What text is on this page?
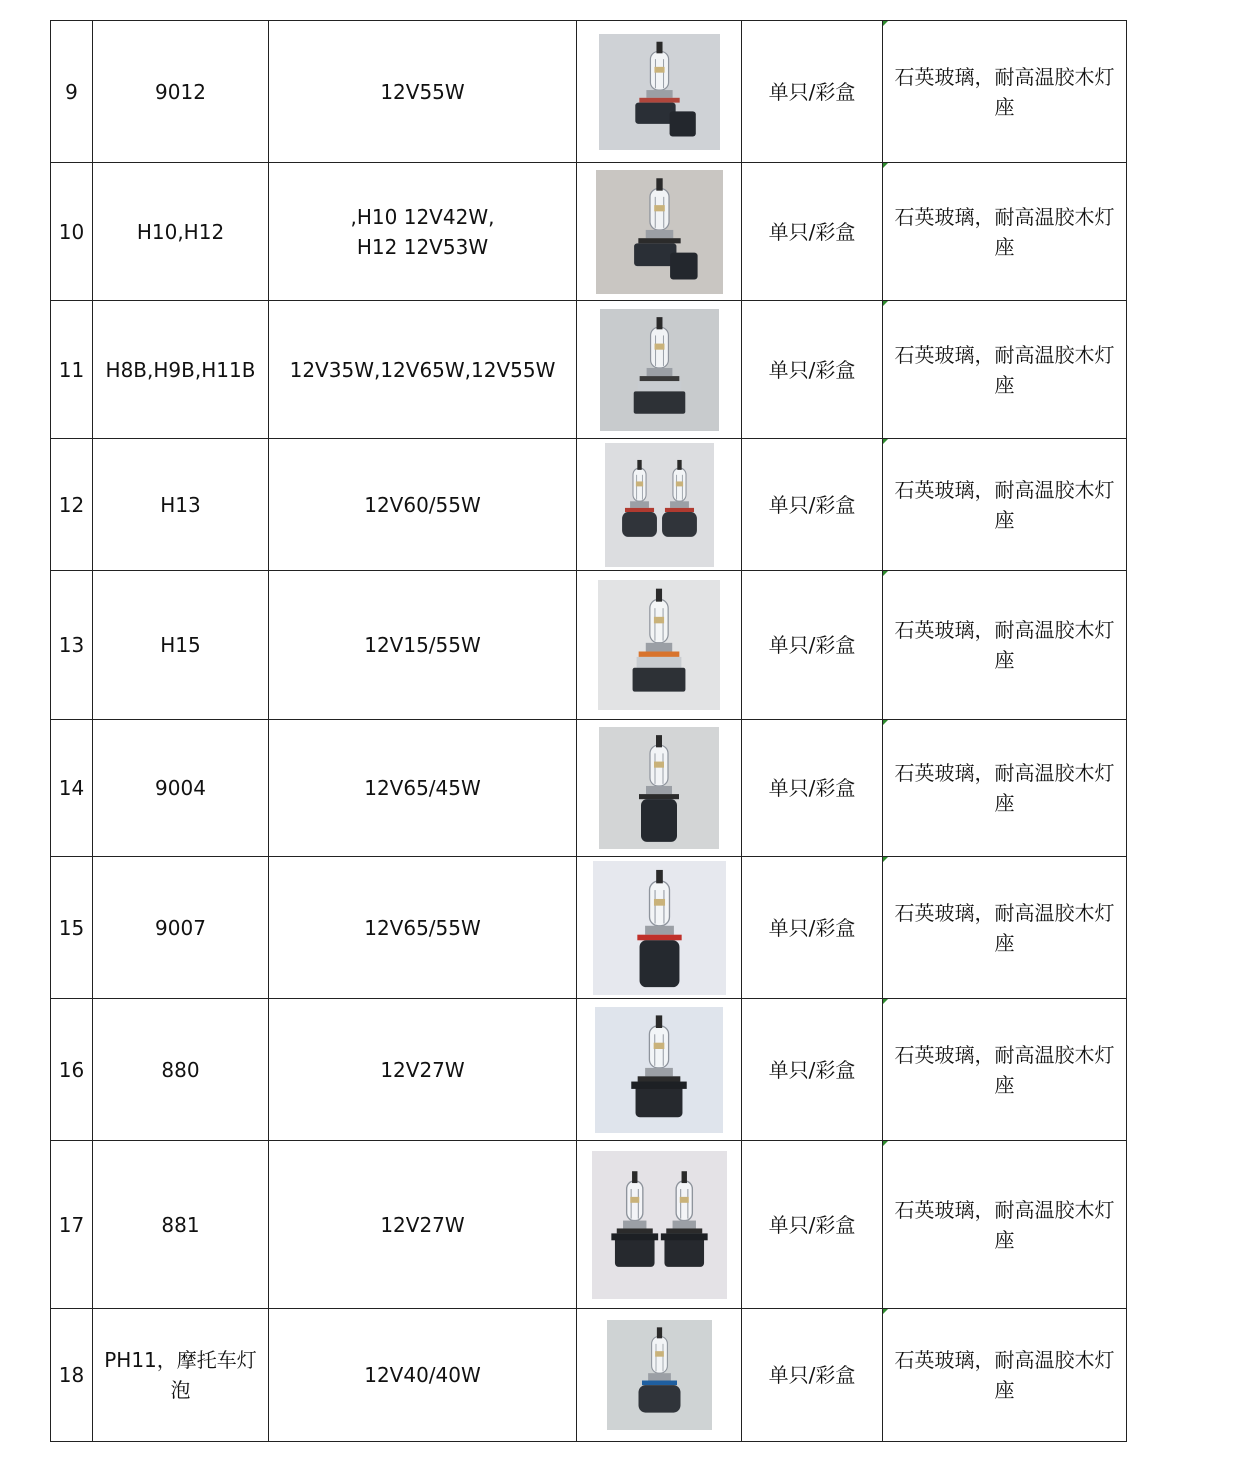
9	9012	12V55W		单只/彩盒	石英玻璃，耐高温胶木灯座
10	H10,H12	,H10 12V42W,
H12 12V53W		单只/彩盒	石英玻璃，耐高温胶木灯座
11	H8B,H9B,H11B	12V35W,12V65W,12V55W		单只/彩盒	石英玻璃，耐高温胶木灯座
12	H13	12V60/55W		单只/彩盒	石英玻璃，耐高温胶木灯座
13	H15	12V15/55W		单只/彩盒	石英玻璃，耐高温胶木灯座
14	9004	12V65/45W		单只/彩盒	石英玻璃，耐高温胶木灯座
15	9007	12V65/55W		单只/彩盒	石英玻璃，耐高温胶木灯座
16	880	12V27W		单只/彩盒	石英玻璃，耐高温胶木灯座
17	881	12V27W		单只/彩盒	石英玻璃，耐高温胶木灯座
18	PH11，摩托车灯泡	12V40/40W		单只/彩盒	石英玻璃，耐高温胶木灯座
